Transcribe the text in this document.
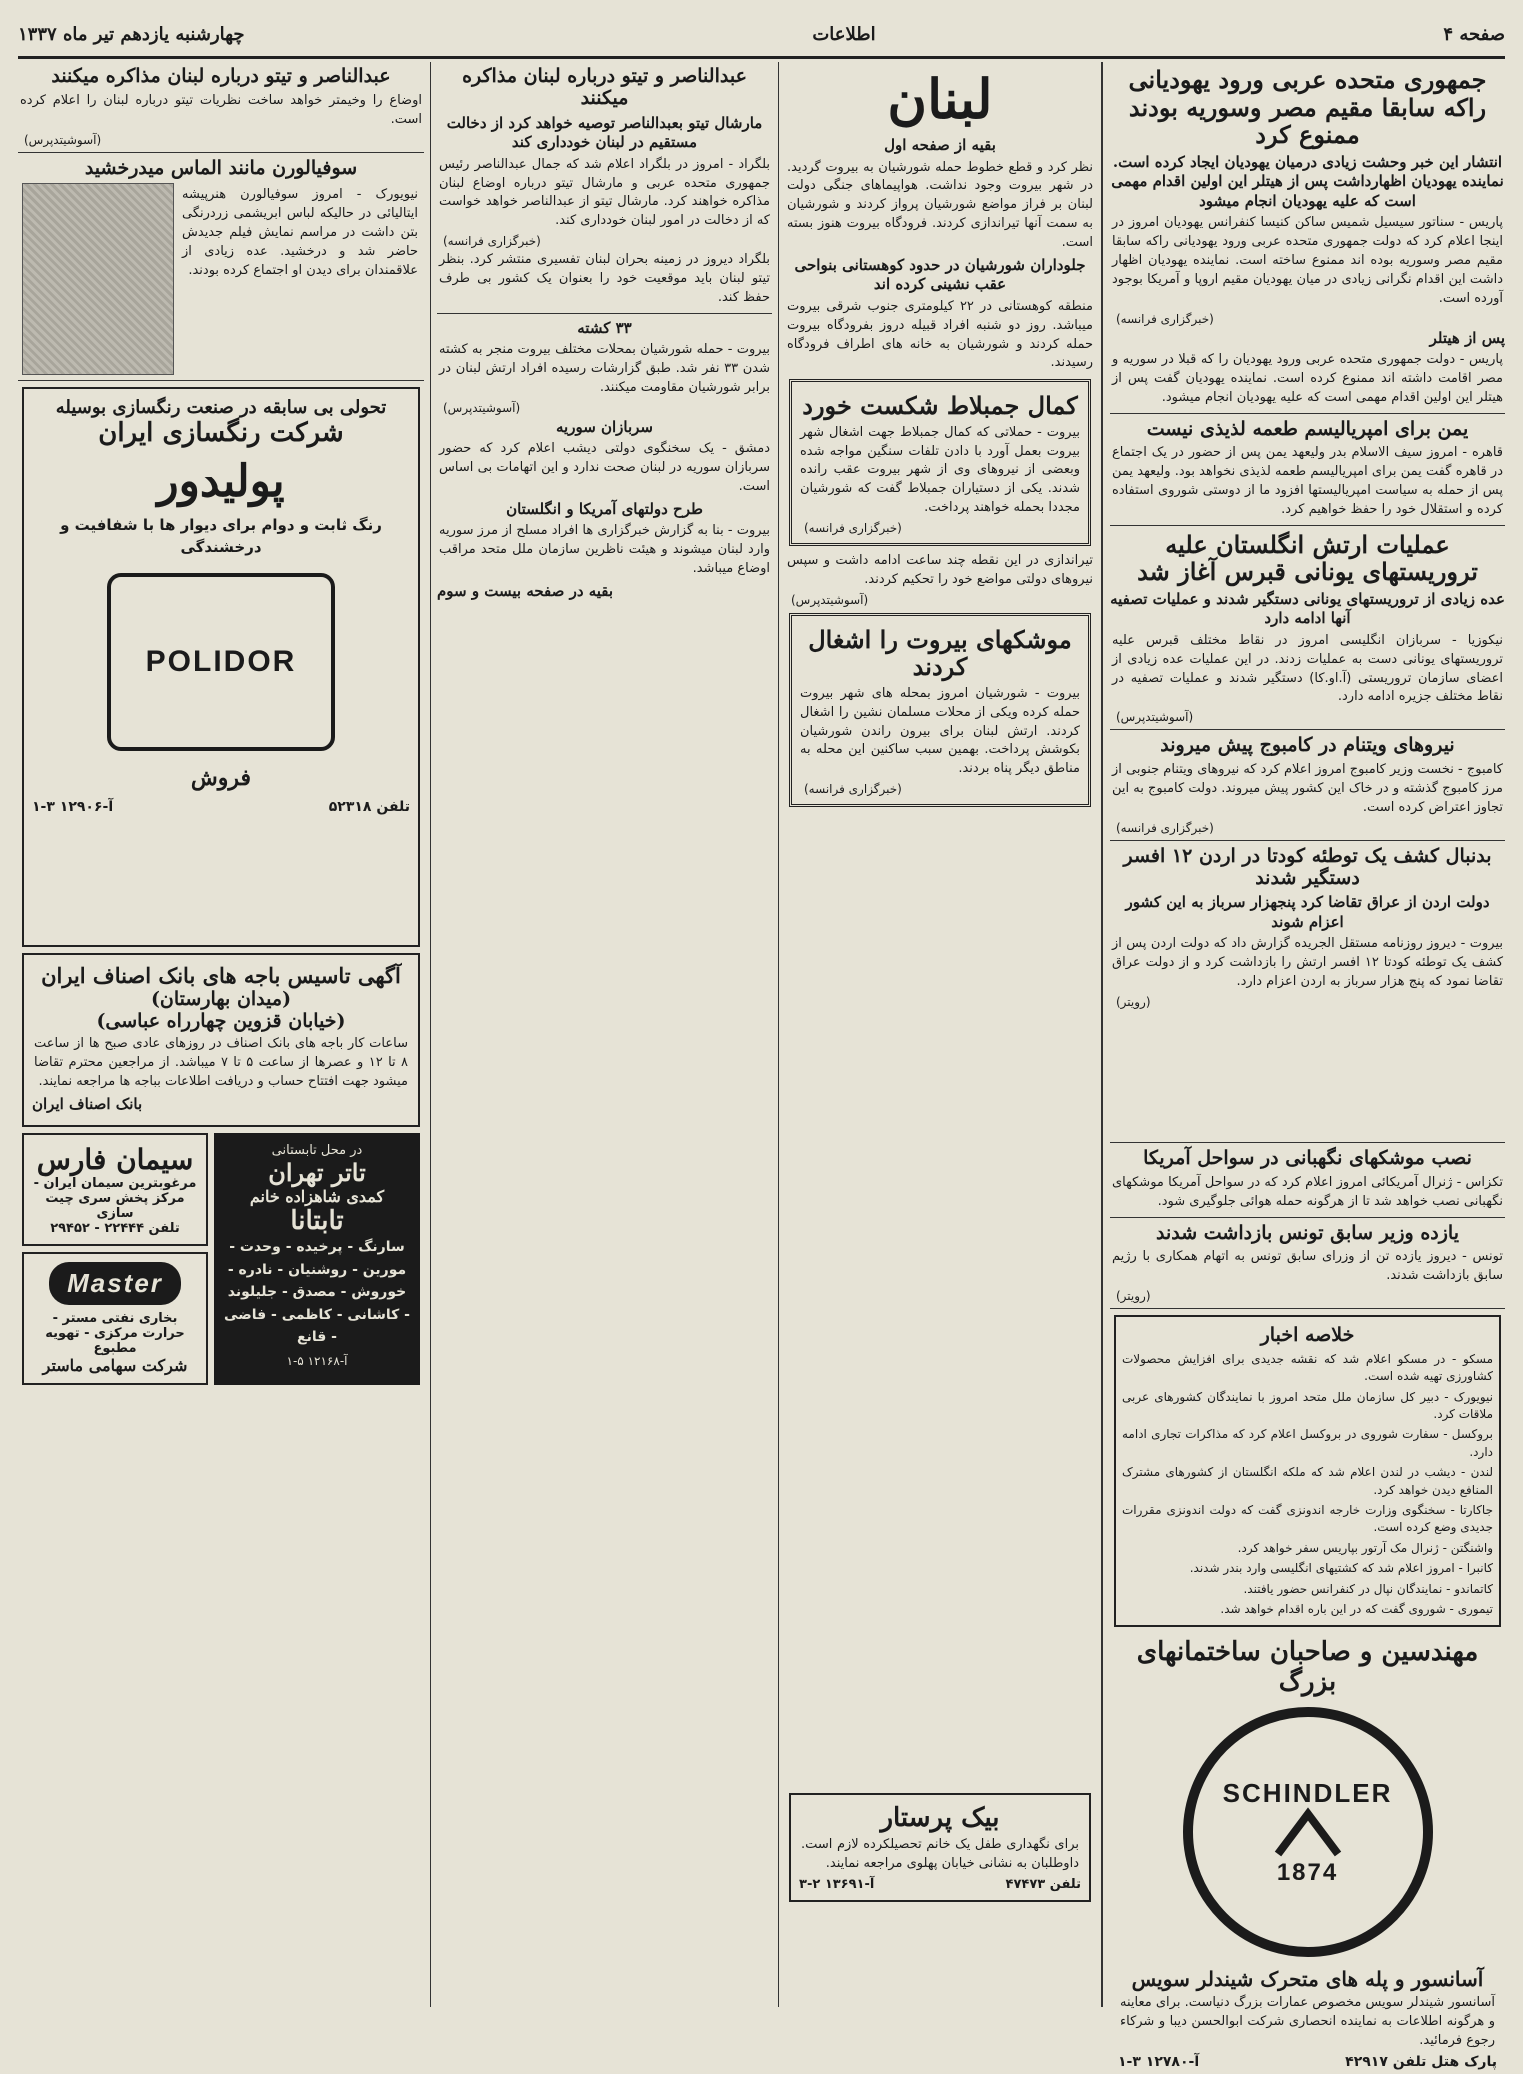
صفحه ۴
اطلاعات
چهارشنبه یازدهم تیر ماه ۱۳۳۷
جمهوری متحده عربی ورود یهودیانی راکه سابقا مقیم مصر وسوریه بودند ممنوع کرد
انتشار این خبر وحشت زیادی درمیان یهودیان ایجاد کرده است. نماینده یهودیان اظهارداشت پس از هیتلر این اولین اقدام مهمی است که علیه یهودیان انجام میشود
پاریس - سناتور سیسیل شمیس ساکن کنیسا کنفرانس یهودیان امروز در اینجا اعلام کرد که دولت جمهوری متحده عربی ورود یهودیانی راکه سابقا مقیم مصر وسوریه بوده اند ممنوع ساخته است. نماینده یهودیان اظهار داشت این اقدام نگرانی زیادی در میان یهودیان مقیم اروپا و آمریکا بوجود آورده است.
(خبرگزاری فرانسه)
پس از هیتلر
پاریس - دولت جمهوری متحده عربی ورود یهودیان را که قبلا در سوریه و مصر اقامت داشته اند ممنوع کرده است. نماینده یهودیان گفت پس از هیتلر این اولین اقدام مهمی است که علیه یهودیان انجام میشود.
یمن برای امپریالیسم طعمه لذیذی نیست
قاهره - امروز سیف الاسلام بدر ولیعهد یمن پس از حضور در یک اجتماع در قاهره گفت یمن برای امپریالیسم طعمه لذیذی نخواهد بود. ولیعهد یمن پس از حمله به سیاست امپریالیستها افزود ما از دوستی شوروی استفاده کرده و استقلال خود را حفظ خواهیم کرد.
عملیات ارتش انگلستان علیه تروریستهای یونانی قبرس آغاز شد
عده زیادی از تروریستهای یونانی دستگیر شدند و عملیات تصفیه آنها ادامه دارد
نیکوزیا - سربازان انگلیسی امروز در نقاط مختلف قبرس علیه تروریستهای یونانی دست به عملیات زدند. در این عملیات عده زیادی از اعضای سازمان تروریستی (آ.او.کا) دستگیر شدند و عملیات تصفیه در نقاط مختلف جزیره ادامه دارد.
(آسوشیتدپرس)
نیروهای ویتنام در کامبوج پیش میروند
کامبوج - نخست وزیر کامبوج امروز اعلام کرد که نیروهای ویتنام جنوبی از مرز کامبوج گذشته و در خاک این کشور پیش میروند. دولت کامبوج به این تجاوز اعتراض کرده است.
(خبرگزاری فرانسه)
بدنبال کشف یک توطئه کودتا در اردن ۱۲ افسر دستگیر شدند
دولت اردن از عراق تقاضا کرد پنجهزار سرباز به این کشور اعزام شوند
بیروت - دیروز روزنامه مستقل الجریده گزارش داد که دولت اردن پس از کشف یک توطئه کودتا ۱۲ افسر ارتش را بازداشت کرد و از دولت عراق تقاضا نمود که پنج هزار سرباز به اردن اعزام دارد.
(رویتر)
نصب موشکهای نگهبانی در سواحل آمریکا
تکزاس - ژنرال آمریکائی امروز اعلام کرد که در سواحل آمریکا موشکهای نگهبانی نصب خواهد شد تا از هرگونه حمله هوائی جلوگیری شود.
یازده وزیر سابق تونس بازداشت شدند
تونس - دیروز یازده تن از وزرای سابق تونس به اتهام همکاری با رژیم سابق بازداشت شدند.
(رویتر)
خلاصه اخبار
مسکو - در مسکو اعلام شد که نقشه جدیدی برای افزایش محصولات کشاورزی تهیه شده است.
نیویورک - دبیر کل سازمان ملل متحد امروز با نمایندگان کشورهای عربی ملاقات کرد.
بروکسل - سفارت شوروی در بروکسل اعلام کرد که مذاکرات تجاری ادامه دارد.
لندن - دیشب در لندن اعلام شد که ملکه انگلستان از کشورهای مشترک المنافع دیدن خواهد کرد.
جاکارتا - سخنگوی وزارت خارجه اندونزی گفت که دولت اندونزی مقررات جدیدی وضع کرده است.
واشنگتن - ژنرال مک آرتور بپاریس سفر خواهد کرد.
کانبرا - امروز اعلام شد که کشتیهای انگلیسی وارد بندر شدند.
کاتماندو - نمایندگان نپال در کنفرانس حضور یافتند.
تیموری - شوروی گفت که در این باره اقدام خواهد شد.
مهندسین و صاحبان ساختمانهای بزرگ
SCHINDLER
1874
آسانسور و پله های متحرک شیندلر سویس
آسانسور شیندلر سویس مخصوص عمارات بزرگ دنیاست. برای معاینه و هرگونه اطلاعات به نماینده انحصاری شرکت ابوالحسن دیبا و شرکاء رجوع فرمائید.
پارک هتل تلفن ۴۲۹۱۷
آ-۱۲۷۸۰ ۳-۱
لبنان
بقیه از صفحه اول
نظر کرد و قطع خطوط حمله شورشیان به بیروت گردید. در شهر بیروت وجود نداشت. هواپیماهای جنگی دولت لبنان بر فراز مواضع شورشیان پرواز کردند و شورشیان به سمت آنها تیراندازی کردند. فرودگاه بیروت هنوز بسته است.
جلوداران شورشیان در حدود کوهستانی بنواحی عقب نشینی کرده اند
منطقه کوهستانی در ۲۲ کیلومتری جنوب شرقی بیروت میباشد. روز دو شنبه افراد قبیله دروز بفرودگاه بیروت حمله کردند و شورشیان به خانه های اطراف فرودگاه رسیدند.
کمال جمبلاط شکست خورد
بیروت - حملاتی که کمال جمبلاط جهت اشغال شهر بیروت بعمل آورد با دادن تلفات سنگین مواجه شده وبعضی از نیروهای وی از شهر بیروت عقب رانده شدند. یکی از دستیاران جمبلاط گفت که شورشیان مجددا بحمله خواهند پرداخت.
(خبرگزاری فرانسه)
تیراندازی در این نقطه چند ساعت ادامه داشت و سپس نیروهای دولتی مواضع خود را تحکیم کردند.
(آسوشیتدپرس)
موشکهای بیروت را اشغال کردند
بیروت - شورشیان امروز بمحله های شهر بیروت حمله کرده ویکی از محلات مسلمان نشین را اشغال کردند. ارتش لبنان برای بیرون راندن شورشیان بکوشش پرداخت. بهمین سبب ساکنین این محله به مناطق دیگر پناه بردند.
(خبرگزاری فرانسه)
بیک پرستار
برای نگهداری طفل یک خانم تحصیلکرده لازم است. داوطلبان به نشانی خیابان پهلوی مراجعه نمایند.
تلفن ۴۷۴۷۳
آ-۱۳۶۹۱ ۲-۳
عبدالناصر و تیتو درباره لبنان مذاکره میکنند
مارشال تیتو بعبدالناصر توصیه خواهد کرد از دخالت مستقیم در لبنان خودداری کند
بلگراد - امروز در بلگراد اعلام شد که جمال عبدالناصر رئیس جمهوری متحده عربی و مارشال تیتو درباره اوضاع لبنان مذاکره خواهند کرد. مارشال تیتو از عبدالناصر خواهد خواست که از دخالت در امور لبنان خودداری کند.
(خبرگزاری فرانسه)
بلگراد دیروز در زمینه بحران لبنان تفسیری منتشر کرد. بنظر تیتو لبنان باید موقعیت خود را بعنوان یک کشور بی طرف حفظ کند.
۳۳ کشته
بیروت - حمله شورشیان بمحلات مختلف بیروت منجر به کشته شدن ۳۳ نفر شد. طبق گزارشات رسیده افراد ارتش لبنان در برابر شورشیان مقاومت میکنند.
(آسوشیتدپرس)
سربازان سوریه
دمشق - یک سخنگوی دولتی دیشب اعلام کرد که حضور سربازان سوریه در لبنان صحت ندارد و این اتهامات بی اساس است.
طرح دولتهای آمریکا و انگلستان
بیروت - بنا به گزارش خبرگزاری ها افراد مسلح از مرز سوریه وارد لبنان میشوند و هیئت ناظرین سازمان ملل متحد مراقب اوضاع میباشد.
بقیه در صفحه بیست و سوم
عبدالناصر و تیتو درباره لبنان مذاکره میکنند
اوضاع را وخیمتر خواهد ساخت نظریات تیتو درباره لبنان را اعلام کرده است.
(آسوشیتدپرس)
سوفیالورن مانند الماس میدرخشید
نیویورک - امروز سوفیالورن هنرپیشه ایتالیائی در حالیکه لباس ابریشمی زردرنگی بتن داشت در مراسم نمایش فیلم جدیدش حاضر شد و درخشید. عده زیادی از علاقمندان برای دیدن او اجتماع کرده بودند.
تحولی بی سابقه در صنعت رنگسازی بوسیله
شرکت رنگسازی ایران
پولیدور
رنگ ثابت و دوام برای دیوار ها با شفافیت و درخشندگی
POLIDOR
فروش
تلفن ۵۲۳۱۸
آ-۱۲۹۰۶ ۳-۱
آگهی تاسیس باجه های بانک اصناف ایران
(میدان بهارستان)
(خیابان قزوین چهارراه عباسی)
ساعات کار باجه های بانک اصناف در روزهای عادی صبح ها از ساعت ۸ تا ۱۲ و عصرها از ساعت ۵ تا ۷ میباشد. از مراجعین محترم تقاضا میشود جهت افتتاح حساب و دریافت اطلاعات بباجه ها مراجعه نمایند.
بانک اصناف ایران
در محل تابستانی
تاتر تهران
کمدی شاهزاده خانم
تابتانا
سارنگ - پرخیده - وحدت - مورین - روشنیان - نادره - خوروش - مصدق - جلیلوند - کاشانی - کاظمی - فاضی - قانع
آ-۱۲۱۶۸ ۵-۱
سیمان فارس
مرغوبترین سیمان ایران - مرکز پخش سری چیت سازی
تلفن ۲۲۴۴۴ - ۲۹۴۵۲
Master
بخاری نفتی مستر - حرارت مرکزی - تهویه مطبوع
شرکت سهامی ماستر
